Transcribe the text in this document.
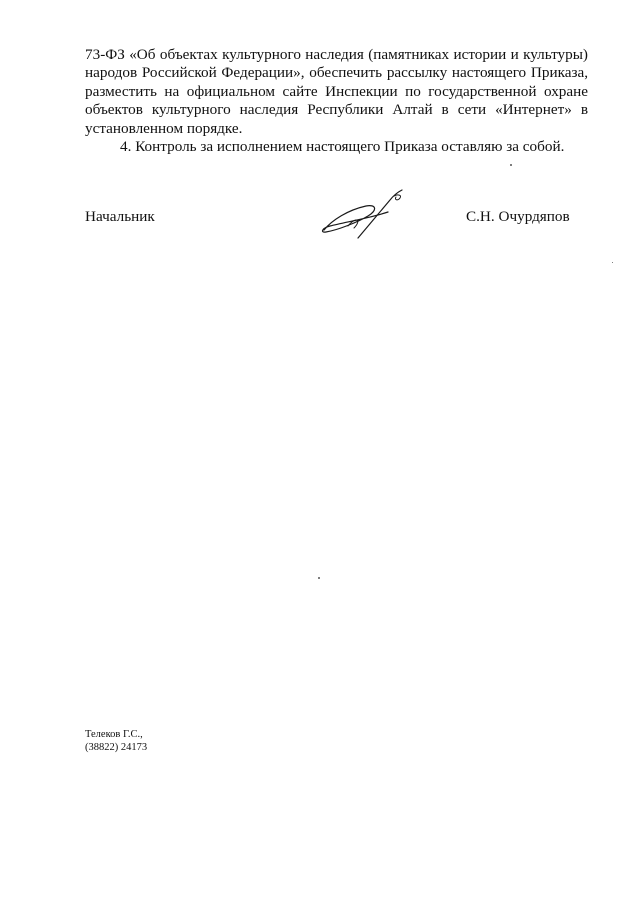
73-ФЗ «Об объектах культурного наследия (памятниках истории и культуры) народов Российской Федерации», обеспечить рассылку настоящего Приказа, разместить на официальном сайте Инспекции по государственной охране объектов культурного наследия Республики Алтай в сети «Интернет» в установленном порядке.

4. Контроль за исполнением настоящего Приказа оставляю за собой.

Начальник	С.Н. Очурдяпов
Телеков Г.С.,
(38822) 24173
